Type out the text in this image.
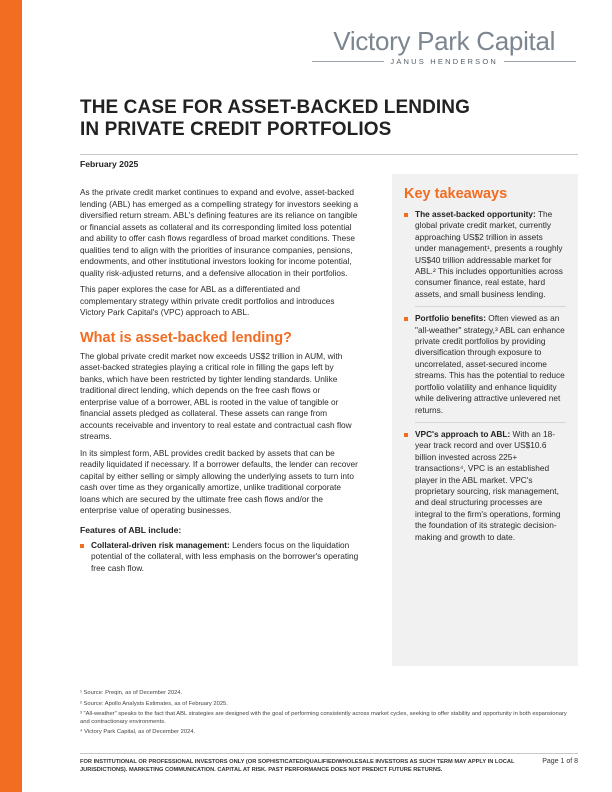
Victory Park Capital
JANUS HENDERSON
THE CASE FOR ASSET-BACKED LENDING
IN PRIVATE CREDIT PORTFOLIOS
February 2025

As the private credit market continues to expand and evolve, asset-backed lending (ABL) has emerged as a compelling strategy for investors seeking a diversified return stream. ABL's defining features are its reliance on tangible or financial assets as collateral and its corresponding limited loss potential and ability to offer cash flows regardless of broad market conditions. These qualities tend to align with the priorities of insurance companies, pensions, endowments, and other institutional investors looking for income potential, quality risk-adjusted returns, and a defensive allocation in their portfolios.

This paper explores the case for ABL as a differentiated and complementary strategy within private credit portfolios and introduces Victory Park Capital's (VPC) approach to ABL.

What is asset-backed lending?

The global private credit market now exceeds US$2 trillion in AUM, with asset-backed strategies playing a critical role in filling the gaps left by banks, which have been restricted by tighter lending standards. Unlike traditional direct lending, which depends on the free cash flows or enterprise value of a borrower, ABL is rooted in the value of tangible or financial assets pledged as collateral. These assets can range from accounts receivable and inventory to real estate and contractual cash flow streams.

In its simplest form, ABL provides credit backed by assets that can be readily liquidated if necessary. If a borrower defaults, the lender can recover capital by either selling or simply allowing the underlying assets to turn into cash over time as they organically amortize, unlike traditional corporate loans which are secured by the ultimate free cash flows and/or the enterprise value of operating businesses.

Features of ABL include:
Collateral-driven risk management: Lenders focus on the liquidation potential of the collateral, with less emphasis on the borrower's operating free cash flow.
Key takeaways
The asset-backed opportunity: The global private credit market, currently approaching US$2 trillion in assets under management¹, presents a roughly US$40 trillion addressable market for ABL.² This includes opportunities across consumer finance, real estate, hard assets, and small business lending.
Portfolio benefits: Often viewed as an "all-weather" strategy,³ ABL can enhance private credit portfolios by providing diversification through exposure to uncorrelated, asset-secured income streams. This has the potential to reduce portfolio volatility and enhance liquidity while delivering attractive unlevered net returns.
VPC's approach to ABL: With an 18-year track record and over US$10.6 billion invested across 225+ transactions⁴, VPC is an established player in the ABL market. VPC's proprietary sourcing, risk management, and deal structuring processes are integral to the firm's operations, forming the foundation of its strategic decision-making and growth to date.

¹ Source: Preqin, as of December 2024.

² Source: Apollo Analysts Estimates, as of February 2025.

³ "All-weather" speaks to the fact that ABL strategies are designed with the goal of performing consistently across market cycles, seeking to offer stability and opportunity in both expansionary and contractionary environments.

⁴ Victory Park Capital, as of December 2024.

FOR INSTITUTIONAL OR PROFESSIONAL INVESTORS ONLY (OR SOPHISTICATED/QUALIFIED/WHOLESALE INVESTORS AS SUCH TERM MAY APPLY IN LOCAL JURISDICTIONS). MARKETING COMMUNICATION. CAPITAL AT RISK. PAST PERFORMANCE DOES NOT PREDICT FUTURE RETURNS.
Page 1 of 8
